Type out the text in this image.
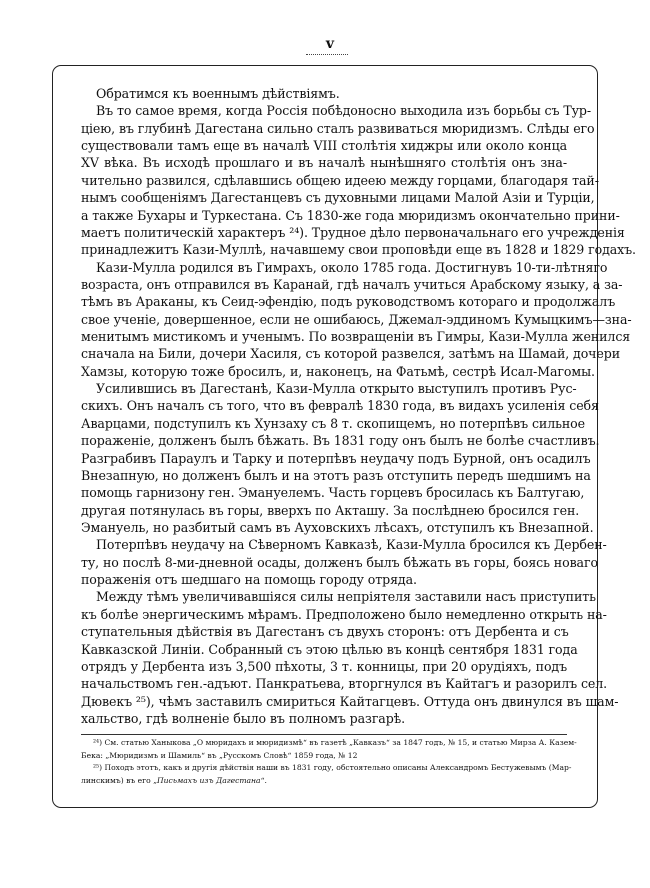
v
Обратимся къ военнымъ дѣйствіямъ.
Въ то самое время, когда Россія побѣдоносно выходила изъ борьбы съ Тур-
ціею, въ глубинѣ Дагестана сильно сталъ развиваться мюридизмъ. Слѣды его
существовали тамъ еще въ началѣ VIII столѣтія хиджры или около конца
XV вѣка. Въ исходѣ прошлаго и въ началѣ нынѣшняго столѣтія онъ зна-
чительно развился, сдѣлавшись общею идеею между горцами, благодаря тай-
нымъ сообщеніямъ Дагестанцевъ съ духовными лицами Малой Азіи и Турціи,
а также Бухары и Туркестана. Съ 1830-же года мюридизмъ окончательно прини-
маетъ политическій характеръ ²⁴). Трудное дѣло первоначальнаго его учрежденія
принадлежитъ Кази-Муллѣ, начавшему свои проповѣди еще въ 1828 и 1829 годахъ.
Кази-Мулла родился въ Гимрахъ, около 1785 года. Достигнувъ 10-ти-лѣтняго
возраста, онъ отправился въ Каранай, гдѣ началъ учиться Арабскому языку, а за-
тѣмъ въ Араканы, къ Сеид-эфендію, подъ руководствомъ котораго и продолжалъ
свое ученіе, довершенное, если не ошибаюсь, Джемал-эддиномъ Кумыцкимъ—зна-
менитымъ мистикомъ и ученымъ. По возвращеніи въ Гимры, Кази-Мулла женился
сначала на Били, дочери Хасиля, съ которой развелся, затѣмъ на Шамай, дочери
Хамзы, которую тоже бросилъ, и, наконецъ, на Фатьмѣ, сестрѣ Исал-Магомы.
Усилившись въ Дагестанѣ, Кази-Мулла открыто выступилъ противъ Рус-
скихъ. Онъ началъ съ того, что въ февралѣ 1830 года, въ видахъ усиленія себя
Аварцами, подступилъ къ Хунзаху съ 8 т. скопищемъ, но потерпѣвъ сильное
пораженіе, долженъ былъ бѣжать. Въ 1831 году онъ былъ не болѣе счастливъ.
Разграбивъ Параулъ и Тарку и потерпѣвъ неудачу подъ Бурной, онъ осадилъ
Внезапную, но долженъ былъ и на этотъ разъ отступить передъ шедшимъ на
помощь гарнизону ген. Эмануелемъ. Часть горцевъ бросилась къ Балтугаю,
другая потянулась въ горы, вверхъ по Акташу. За послѣднею бросился ген.
Эмануель, но разбитый самъ въ Ауховскихъ лѣсахъ, отступилъ къ Внезапной.
Потерпѣвъ неудачу на Сѣверномъ Кавказѣ, Кази-Мулла бросился къ Дербен-
ту, но послѣ 8-ми-дневной осады, долженъ былъ бѣжать въ горы, боясь новаго
пораженія отъ шедшаго на помощь городу отряда.
Между тѣмъ увеличивавшіяся силы непріятеля заставили насъ приступить
къ болѣе энергическимъ мѣрамъ. Предположено было немедленно открыть на-
ступательныя дѣйствія въ Дагестанъ съ двухъ сторонъ: отъ Дербента и съ
Кавказской Линіи. Собранный съ этою цѣлью въ концѣ сентября 1831 года
отрядъ у Дербента изъ 3,500 пѣхоты, 3 т. конницы, при 20 орудіяхъ, подъ
начальствомъ ген.-адъют. Панкратьева, вторгнулся въ Кайтагъ и разорилъ сел.
Дювекъ ²⁵), чѣмъ заставилъ смириться Кайтагцевъ. Оттуда онъ двинулся въ шам-
хальство, гдѣ волненіе было въ полномъ разгарѣ.
²⁴) См. статью Ханыкова „О мюридахъ и мюридизмѣ“ въ газетѣ „Кавказъ“ за 1847 годъ, № 15, и статью Мирза А. Казем-
Бека: „Мюридизмъ и Шамиль“ въ „Русскомъ Словѣ“ 1859 года, № 12
²⁵) Походъ этотъ, какъ и другія дѣйствія наши въ 1831 году, обстоятельно описаны Александромъ Бестужевымъ (Мар-
линскимъ) въ его „Письмахъ изъ Дагестана“.
